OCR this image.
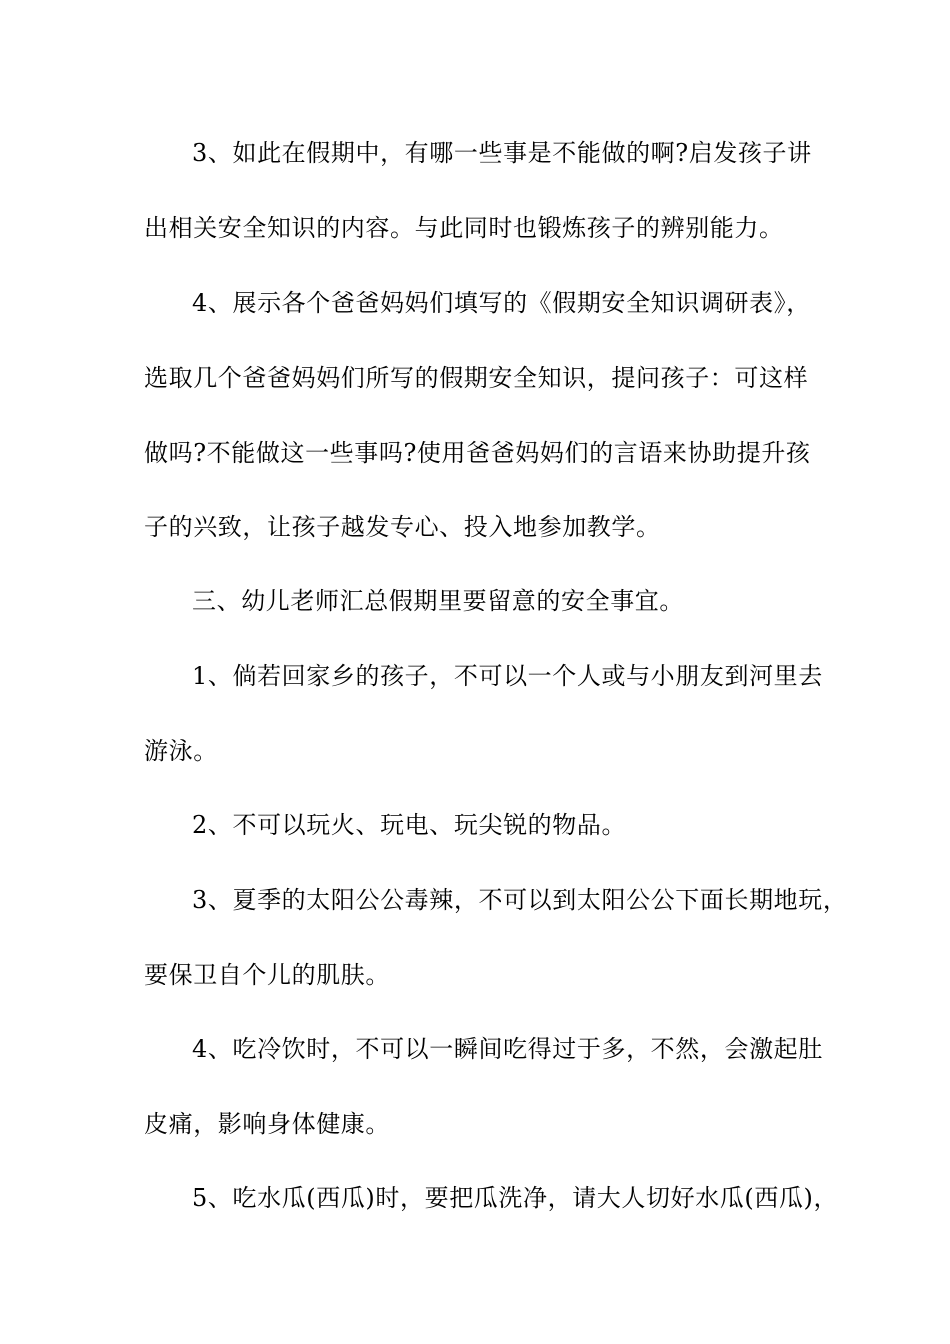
3、如此在假期中，有哪一些事是不能做的啊?启发孩子讲
出相关安全知识的内容。与此同时也锻炼孩子的辨别能力。
4、展示各个爸爸妈妈们填写的《假期安全知识调研表》，
选取几个爸爸妈妈们所写的假期安全知识，提问孩子：可这样
做吗?不能做这一些事吗?使用爸爸妈妈们的言语来协助提升孩
子的兴致，让孩子越发专心、投入地参加教学。
三、幼儿老师汇总假期里要留意的安全事宜。
1、倘若回家乡的孩子，不可以一个人或与小朋友到河里去
游泳。
2、不可以玩火、玩电、玩尖锐的物品。
3、夏季的太阳公公毒辣，不可以到太阳公公下面长期地玩，
要保卫自个儿的肌肤。
4、吃冷饮时，不可以一瞬间吃得过于多，不然，会激起肚
皮痛，影响身体健康。
5、吃水瓜(西瓜)时，要把瓜洗净，请大人切好水瓜(西瓜)，
